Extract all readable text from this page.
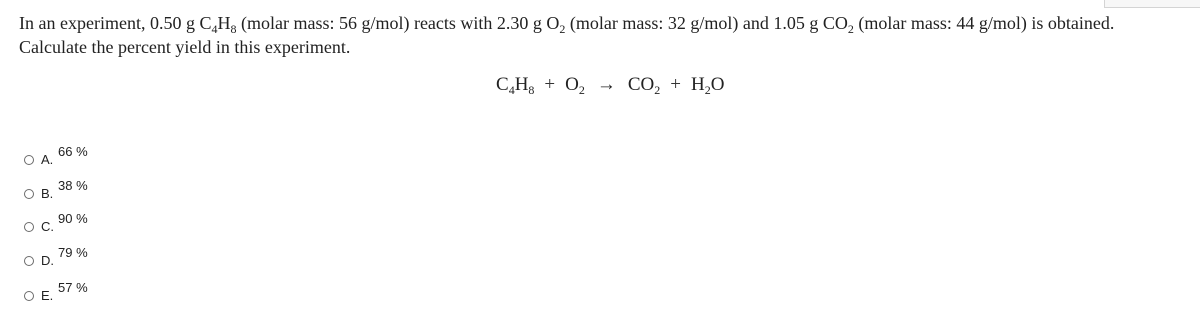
In an experiment, 0.50 g $C_4H_8$ (molar mass: 56 g/mol) reacts with 2.30 g $O_2$ (molar mass: 32 g/mol) and 1.05 g $CO_2$ (molar mass: 44 g/mol) is obtained.
Calculate the percent yield in this experiment.
$C_4H_8 + O_2 \to CO_2 + H_2O$
A.
66 %
B.
38 %
C.
90 %
D.
79 %
E.
57 %
